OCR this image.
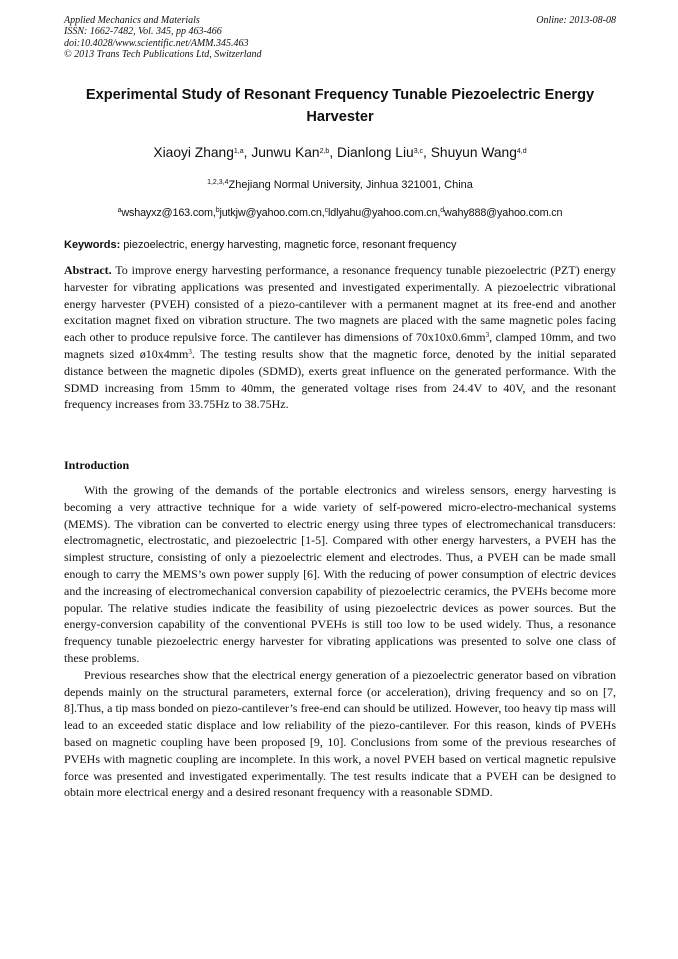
Applied Mechanics and Materials
ISSN: 1662-7482, Vol. 345, pp 463-466
doi:10.4028/www.scientific.net/AMM.345.463
© 2013 Trans Tech Publications Ltd, Switzerland
Online: 2013-08-08
Experimental Study of Resonant Frequency Tunable Piezoelectric Energy Harvester
Xiaoyi Zhang$^{1,a}$, Junwu Kan$^{2,b}$, Dianlong Liu$^{3,c}$, Shuyun Wang$^{4,d}$
$^{1,2,3,4}$Zhejiang Normal University, Jinhua 321001, China
$^a$wshayxz@163.com,$^b$jutkjw@yahoo.com.cn,$^c$ldlyahu@yahoo.com.cn,$^d$wahy888@yahoo.com.cn
Keywords: piezoelectric, energy harvesting, magnetic force, resonant frequency
Abstract. To improve energy harvesting performance, a resonance frequency tunable piezoelectric (PZT) energy harvester for vibrating applications was presented and investigated experimentally. A piezoelectric vibrational energy harvester (PVEH) consisted of a piezo-cantilever with a permanent magnet at its free-end and another excitation magnet fixed on vibration structure. The two magnets are placed with the same magnetic poles facing each other to produce repulsive force. The cantilever has dimensions of $70x10x0.6mm^3$, clamped 10mm, and two magnets sized $ø10x4mm^3$. The testing results show that the magnetic force, denoted by the initial separated distance between the magnetic dipoles (SDMD), exerts great influence on the generated performance. With the SDMD increasing from 15mm to 40mm, the generated voltage rises from 24.4V to 40V, and the resonant frequency increases from 33.75Hz to 38.75Hz.
Introduction

With the growing of the demands of the portable electronics and wireless sensors, energy harvesting is becoming a very attractive technique for a wide variety of self-powered micro-electro-mechanical systems (MEMS). The vibration can be converted to electric energy using three types of electromechanical transducers: electromagnetic, electrostatic, and piezoelectric [1-5]. Compared with other energy harvesters, a PVEH has the simplest structure, consisting of only a piezoelectric element and electrodes. Thus, a PVEH can be made small enough to carry the MEMS’s own power supply [6]. With the reducing of power consumption of electric devices and the increasing of electromechanical conversion capability of piezoelectric ceramics, the PVEHs become more popular. The relative studies indicate the feasibility of using piezoelectric devices as power sources. But the energy-conversion capability of the conventional PVEHs is still too low to be used widely. Thus, a resonance frequency tunable piezoelectric energy harvester for vibrating applications was presented to solve one class of these problems.

Previous researches show that the electrical energy generation of a piezoelectric generator based on vibration depends mainly on the structural parameters, external force (or acceleration), driving frequency and so on [7, 8].Thus, a tip mass bonded on piezo-cantilever’s free-end can should be utilized. However, too heavy tip mass will lead to an exceeded static displace and low reliability of the piezo-cantilever. For this reason, kinds of PVEHs based on magnetic coupling have been proposed [9, 10]. Conclusions from some of the previous researches of PVEHs with magnetic coupling are incomplete. In this work, a novel PVEH based on vertical magnetic repulsive force was presented and investigated experimentally. The test results indicate that a PVEH can be designed to obtain more electrical energy and a desired resonant frequency with a reasonable SDMD.
